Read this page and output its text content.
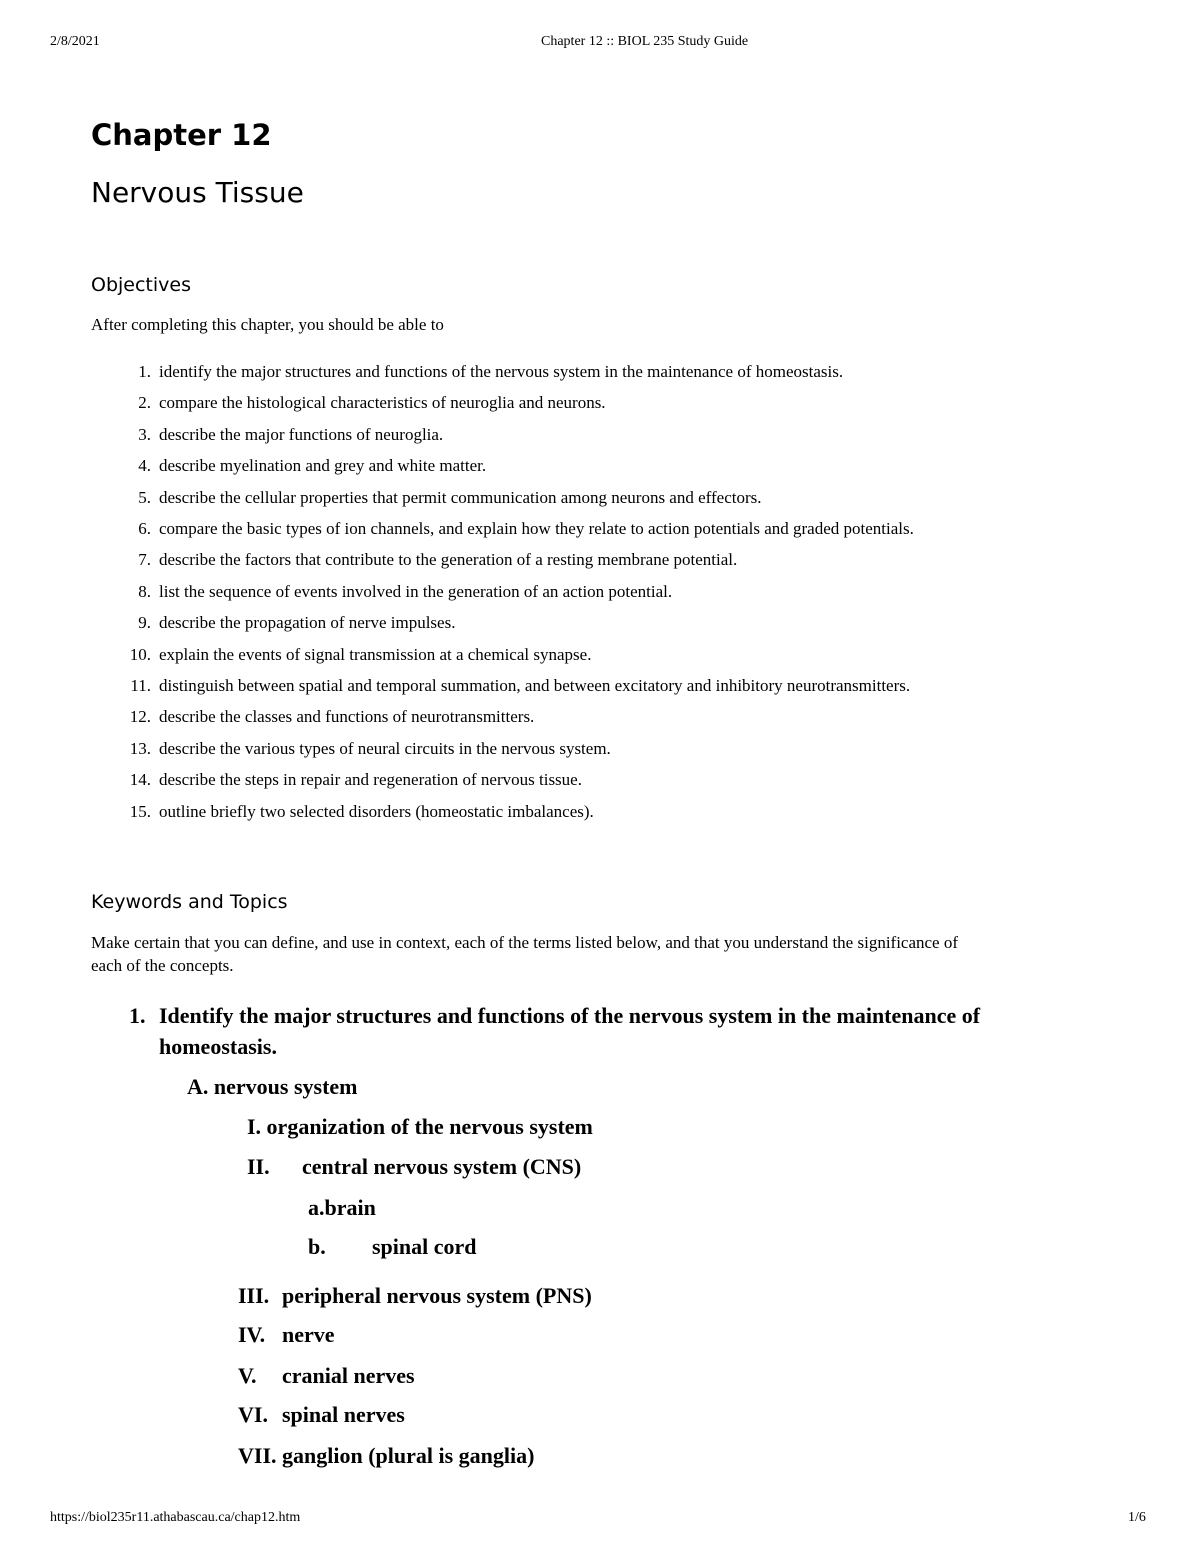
2/8/2021	Chapter 12 :: BIOL 235 Study Guide
Chapter 12
Nervous Tissue
Objectives
After completing this chapter, you should be able to
1. identify the major structures and functions of the nervous system in the maintenance of homeostasis.
2. compare the histological characteristics of neuroglia and neurons.
3. describe the major functions of neuroglia.
4. describe myelination and grey and white matter.
5. describe the cellular properties that permit communication among neurons and effectors.
6. compare the basic types of ion channels, and explain how they relate to action potentials and graded potentials.
7. describe the factors that contribute to the generation of a resting membrane potential.
8. list the sequence of events involved in the generation of an action potential.
9. describe the propagation of nerve impulses.
10. explain the events of signal transmission at a chemical synapse.
11. distinguish between spatial and temporal summation, and between excitatory and inhibitory neurotransmitters.
12. describe the classes and functions of neurotransmitters.
13. describe the various types of neural circuits in the nervous system.
14. describe the steps in repair and regeneration of nervous tissue.
15. outline briefly two selected disorders (homeostatic imbalances).
Keywords and Topics
Make certain that you can define, and use in context, each of the terms listed below, and that you understand the significance of
each of the concepts.
1. Identify the major structures and functions of the nervous system in the maintenance of
homeostasis.
A. nervous system
I. organization of the nervous system
II. central nervous system (CNS)
a.brain
b. spinal cord
III. peripheral nervous system (PNS)
IV. nerve
V. cranial nerves
VI. spinal nerves
VII. ganglion (plural is ganglia)
https://biol235r11.athabascau.ca/chap12.htm	1/6
